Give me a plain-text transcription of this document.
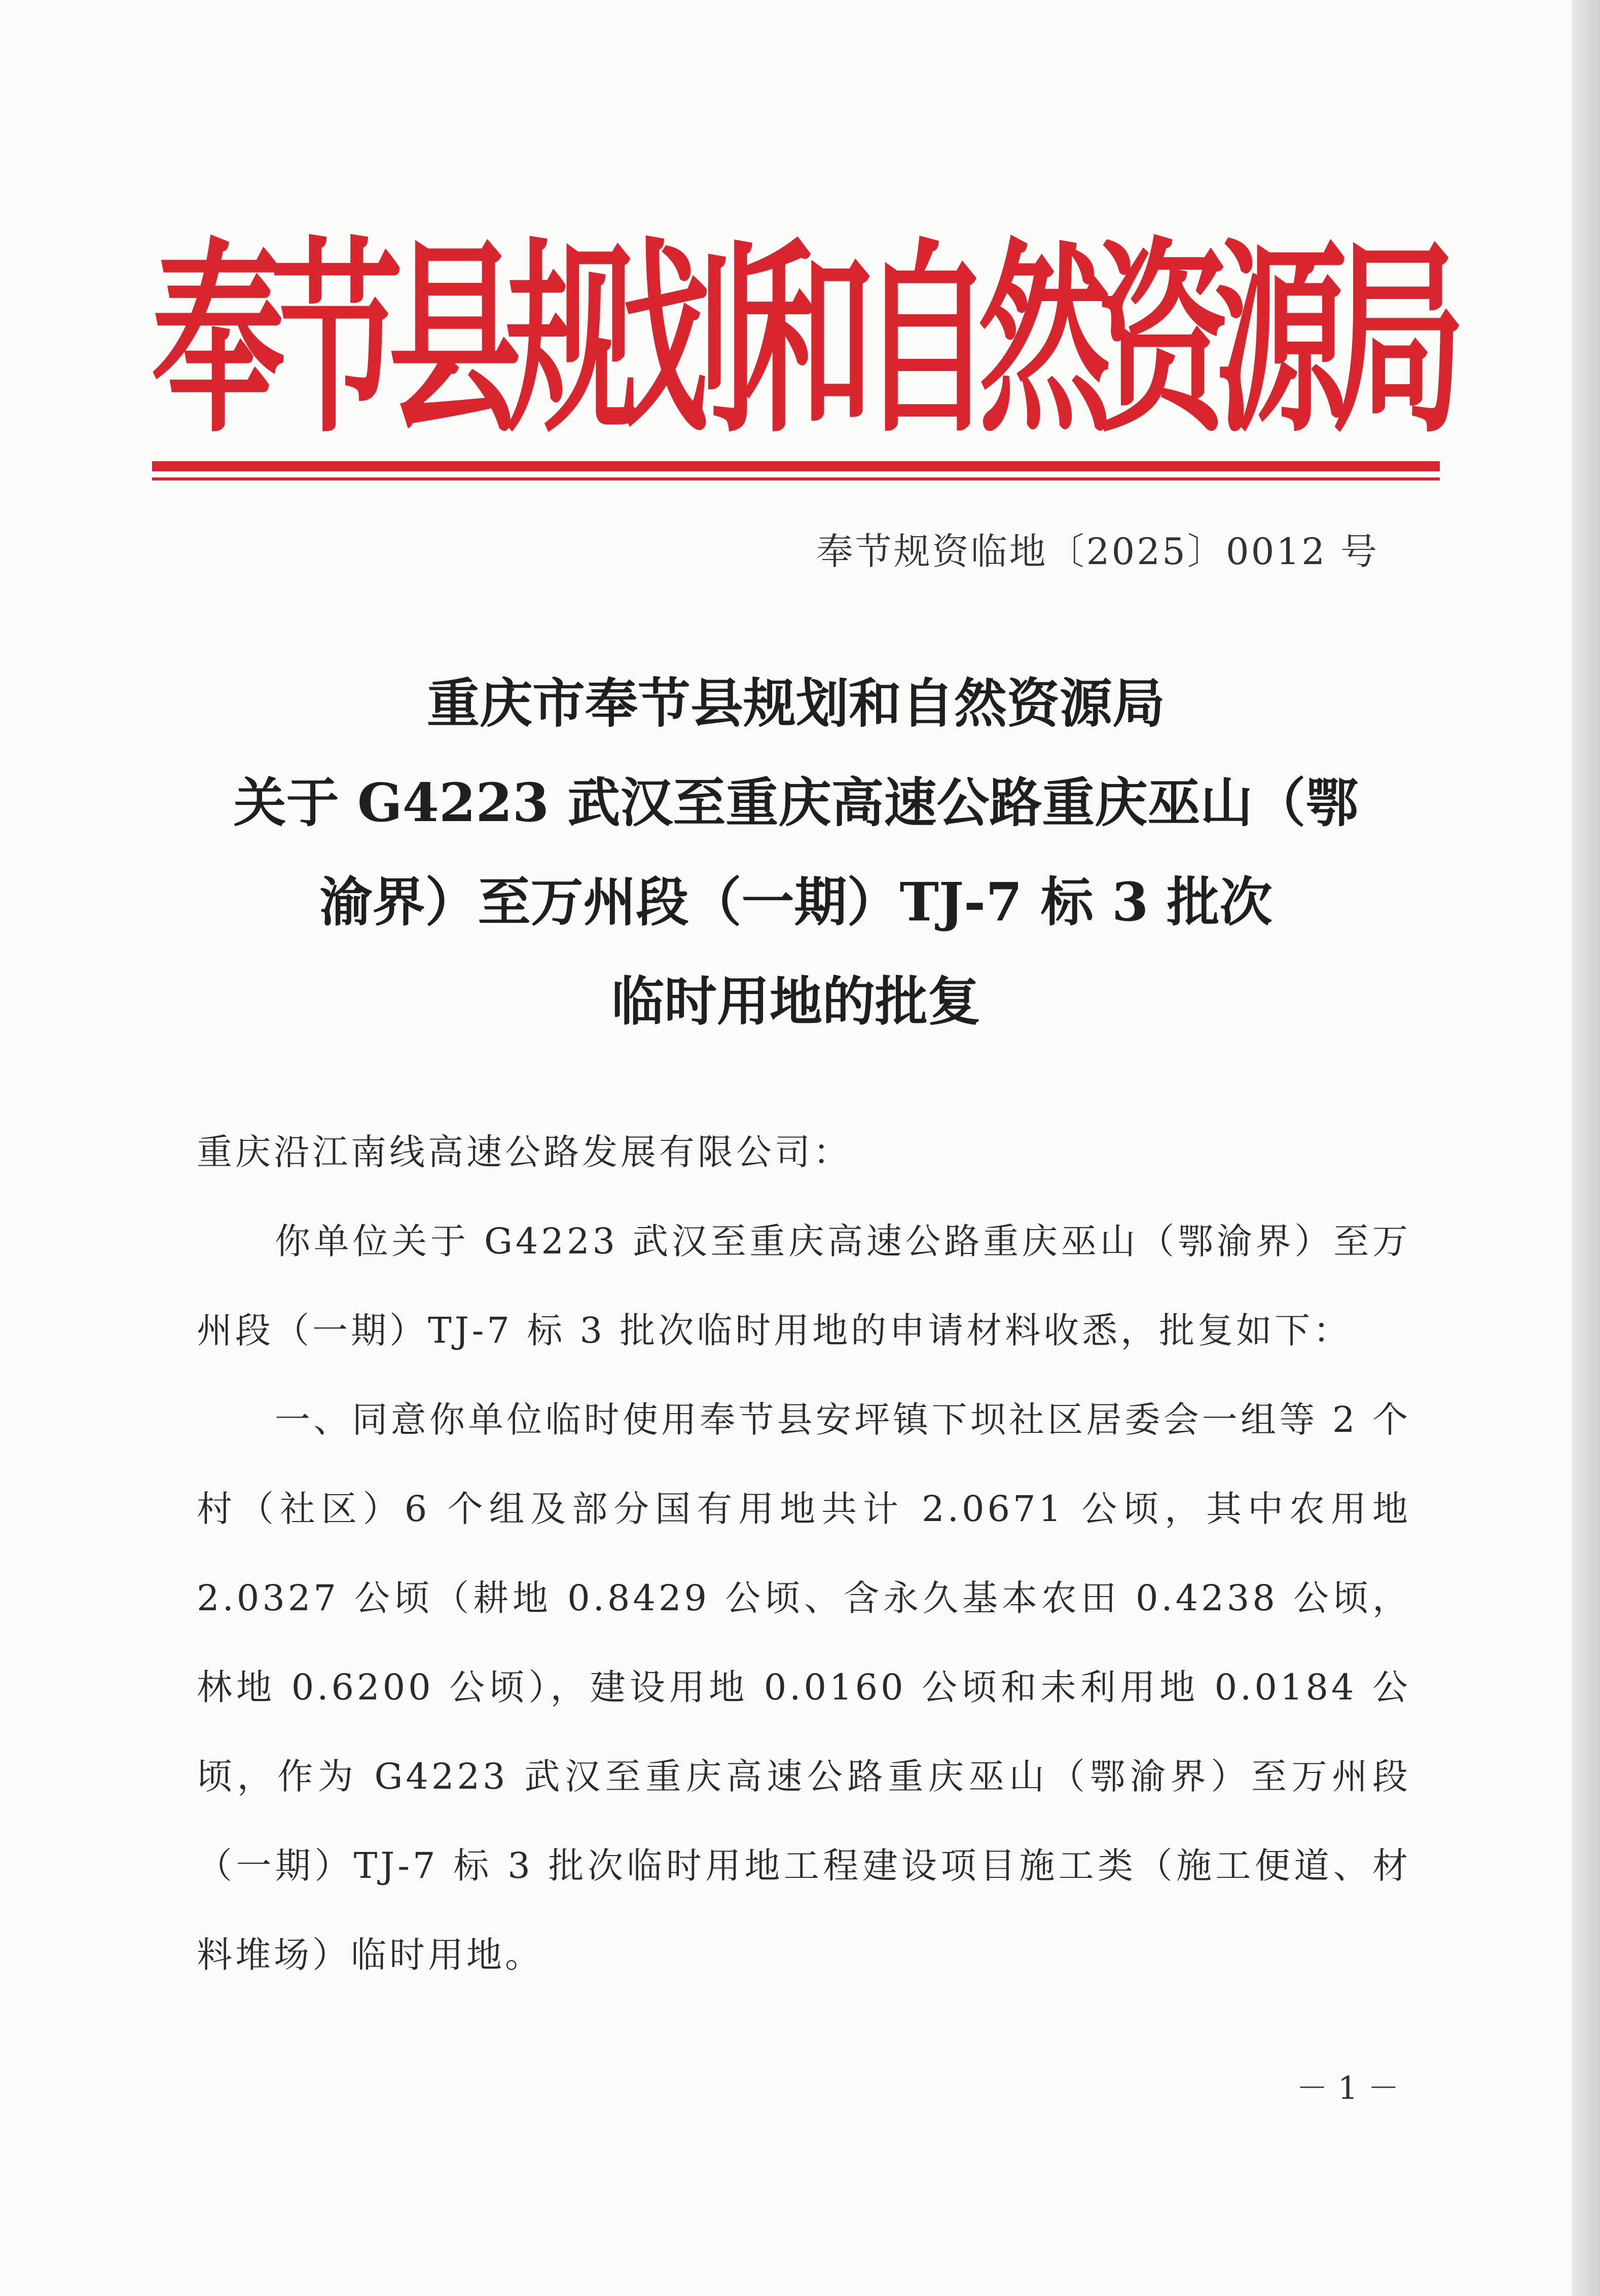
奉
节
县
规
划
和
自
然
资
源
局
奉节规资临地〔2025〕0012 号
重庆市奉节县规划和自然资源局
关于 G4223 武汉至重庆高速公路重庆巫山（鄂
渝界）至万州段（一期）TJ-7 标 3 批次
临时用地的批复

重庆沿江南线高速公路发展有限公司：

你单位关于 G4223 武汉至重庆高速公路重庆巫山（鄂渝界）至万州段（一期）TJ-7 标 3 批次临时用地的申请材料收悉，批复如下：

一、同意你单位临时使用奉节县安坪镇下坝社区居委会一组等 2 个村（社区）6 个组及部分国有用地共计 2.0671 公顷，其中农用地 2.0327 公顷（耕地 0.8429 公顷、含永久基本农田 0.4238 公顷，林地 0.6200 公顷），建设用地 0.0160 公顷和未利用地 0.0184 公顷，作为 G4223 武汉至重庆高速公路重庆巫山（鄂渝界）至万州段（一期）TJ-7 标 3 批次临时用地工程建设项目施工类（施工便道、材料堆场）临时用地。

－ 1 －
